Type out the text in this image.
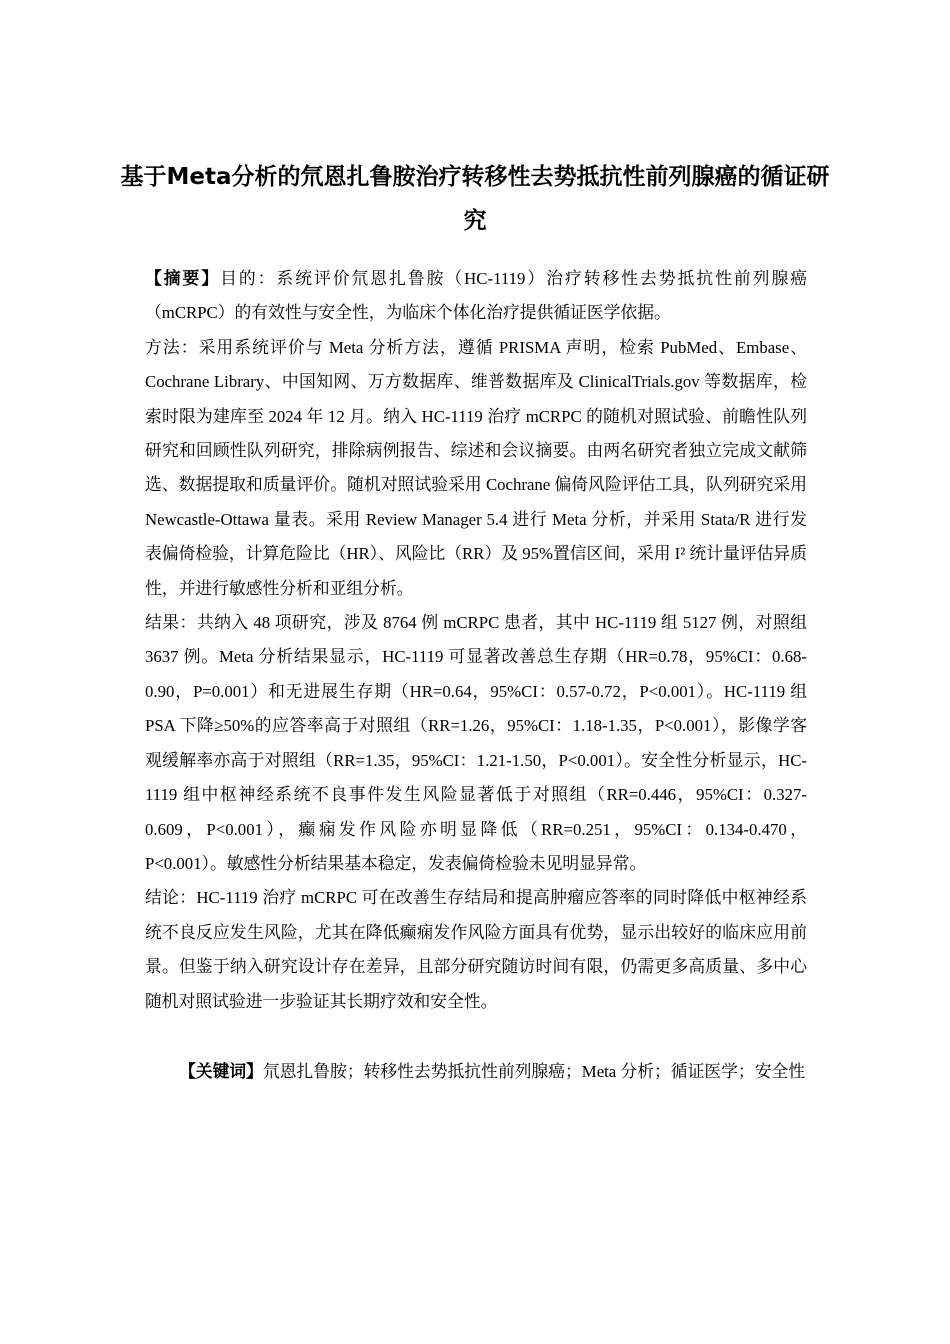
基于Meta分析的氘恩扎鲁胺治疗转移性去势抵抗性前列腺癌的循证研究

【摘要】目的：系统评价氘恩扎鲁胺（HC-1119）治疗转移性去势抵抗性前列腺癌（mCRPC）的有效性与安全性，为临床个体化治疗提供循证医学依据。

方法：采用系统评价与 Meta 分析方法，遵循 PRISMA 声明，检索 PubMed、Embase、Cochrane Library、中国知网、万方数据库、维普数据库及 ClinicalTrials.gov 等数据库，检索时限为建库至 2024 年 12 月。纳入 HC-1119 治疗 mCRPC 的随机对照试验、前瞻性队列研究和回顾性队列研究，排除病例报告、综述和会议摘要。由两名研究者独立完成文献筛选、数据提取和质量评价。随机对照试验采用 Cochrane 偏倚风险评估工具，队列研究采用 Newcastle-Ottawa 量表。采用 Review Manager 5.4 进行 Meta 分析，并采用 Stata/R 进行发表偏倚检验，计算危险比（HR）、风险比（RR）及 95%置信区间，采用 I² 统计量评估异质性，并进行敏感性分析和亚组分析。

结果：共纳入 48 项研究，涉及 8764 例 mCRPC 患者，其中 HC-1119 组 5127 例，对照组 3637 例。Meta 分析结果显示，HC-1119 可显著改善总生存期（HR=0.78，95%CI：0.68-0.90，P=0.001）和无进展生存期（HR=0.64，95%CI：0.57-0.72，P<0.001）。HC-1119 组 PSA 下降≥50%的应答率高于对照组（RR=1.26，95%CI：1.18-1.35，P<0.001），影像学客观缓解率亦高于对照组（RR=1.35，95%CI：1.21-1.50，P<0.001）。安全性分析显示，HC-1119 组中枢神经系统不良事件发生风险显著低于对照组（RR=0.446，95%CI：0.327-0.609，P<0.001），癫痫发作风险亦明显降低（RR=0.251，95%CI：0.134-0.470，P<0.001）。敏感性分析结果基本稳定，发表偏倚检验未见明显异常。

结论：HC-1119 治疗 mCRPC 可在改善生存结局和提高肿瘤应答率的同时降低中枢神经系统不良反应发生风险，尤其在降低癫痫发作风险方面具有优势，显示出较好的临床应用前景。但鉴于纳入研究设计存在差异，且部分研究随访时间有限，仍需更多高质量、多中心随机对照试验进一步验证其长期疗效和安全性。

【关键词】氘恩扎鲁胺；转移性去势抵抗性前列腺癌；Meta 分析；循证医学；安全性
